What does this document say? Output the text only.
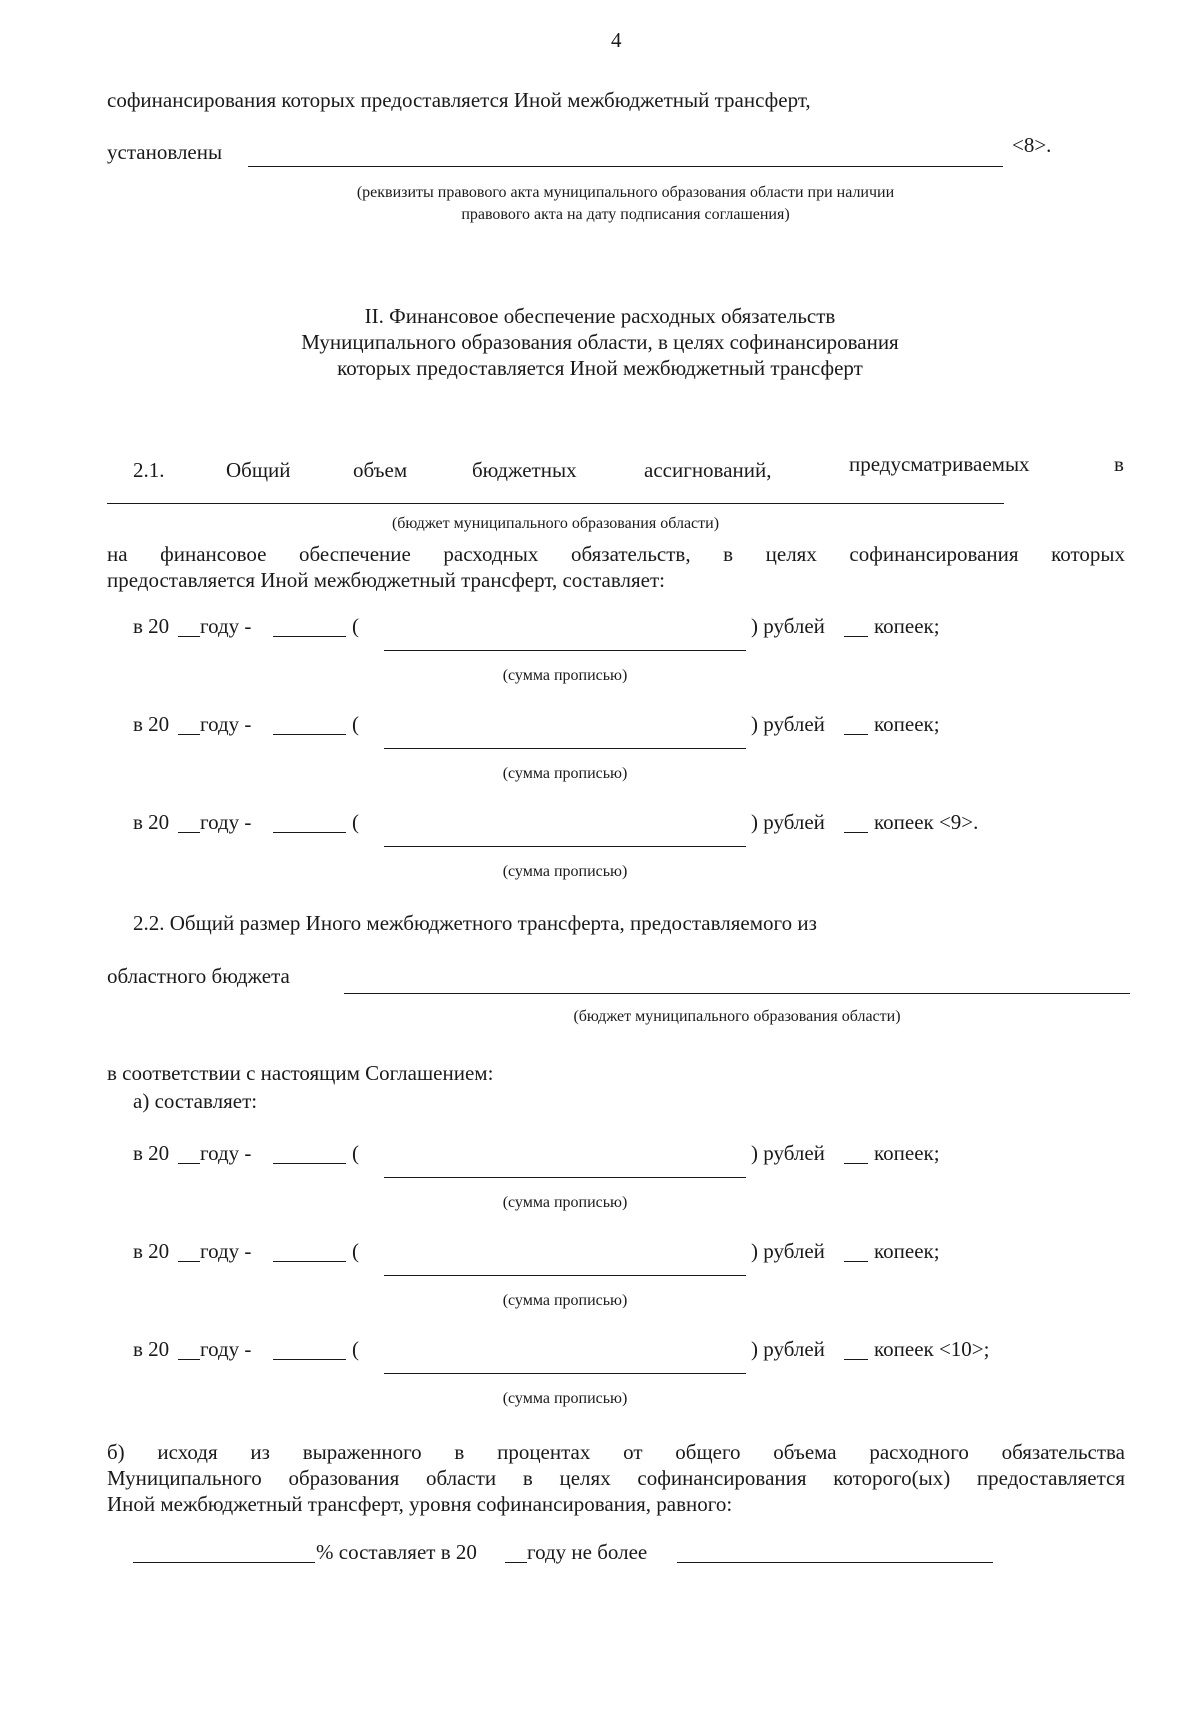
4
софинансирования которых предоставляется Иной межбюджетный трансферт,
установлены	<8>.
(реквизиты правового акта муниципального образования области при наличии
правового акта на дату подписания соглашения)
II. Финансовое обеспечение расходных обязательств
Муниципального образования области, в целях софинансирования
которых предоставляется Иной межбюджетный трансферт
2.1.	Общий	объем	бюджетных	ассигнований,	предусматриваемых	в
(бюджет муниципального образования области)
на финансовое обеспечение расходных обязательств, в целях софинансирования которых
предоставляется Иной межбюджетный трансферт, составляет:
в 20 году -	(	) рублей копеек;
(сумма прописью)
в 20 году -	(	) рублей копеек;
(сумма прописью)
в 20 году -	(	) рублей копеек <9>.
(сумма прописью)
2.2. Общий размер Иного межбюджетного трансферта, предоставляемого из
областного бюджета
(бюджет муниципального образования области)
в соответствии с настоящим Соглашением:
а) составляет:
в 20 году -	(	) рублей копеек;
(сумма прописью)
в 20 году -	(	) рублей копеек;
(сумма прописью)
в 20 году -	(	) рублей копеек <10>;
(сумма прописью)
б) исходя из выраженного в процентах от общего объема расходного обязательства
Муниципального образования области в целях софинансирования которого(ых) предоставляется
Иной межбюджетный трансферт, уровня софинансирования, равного:
% составляет в 20 году не более
